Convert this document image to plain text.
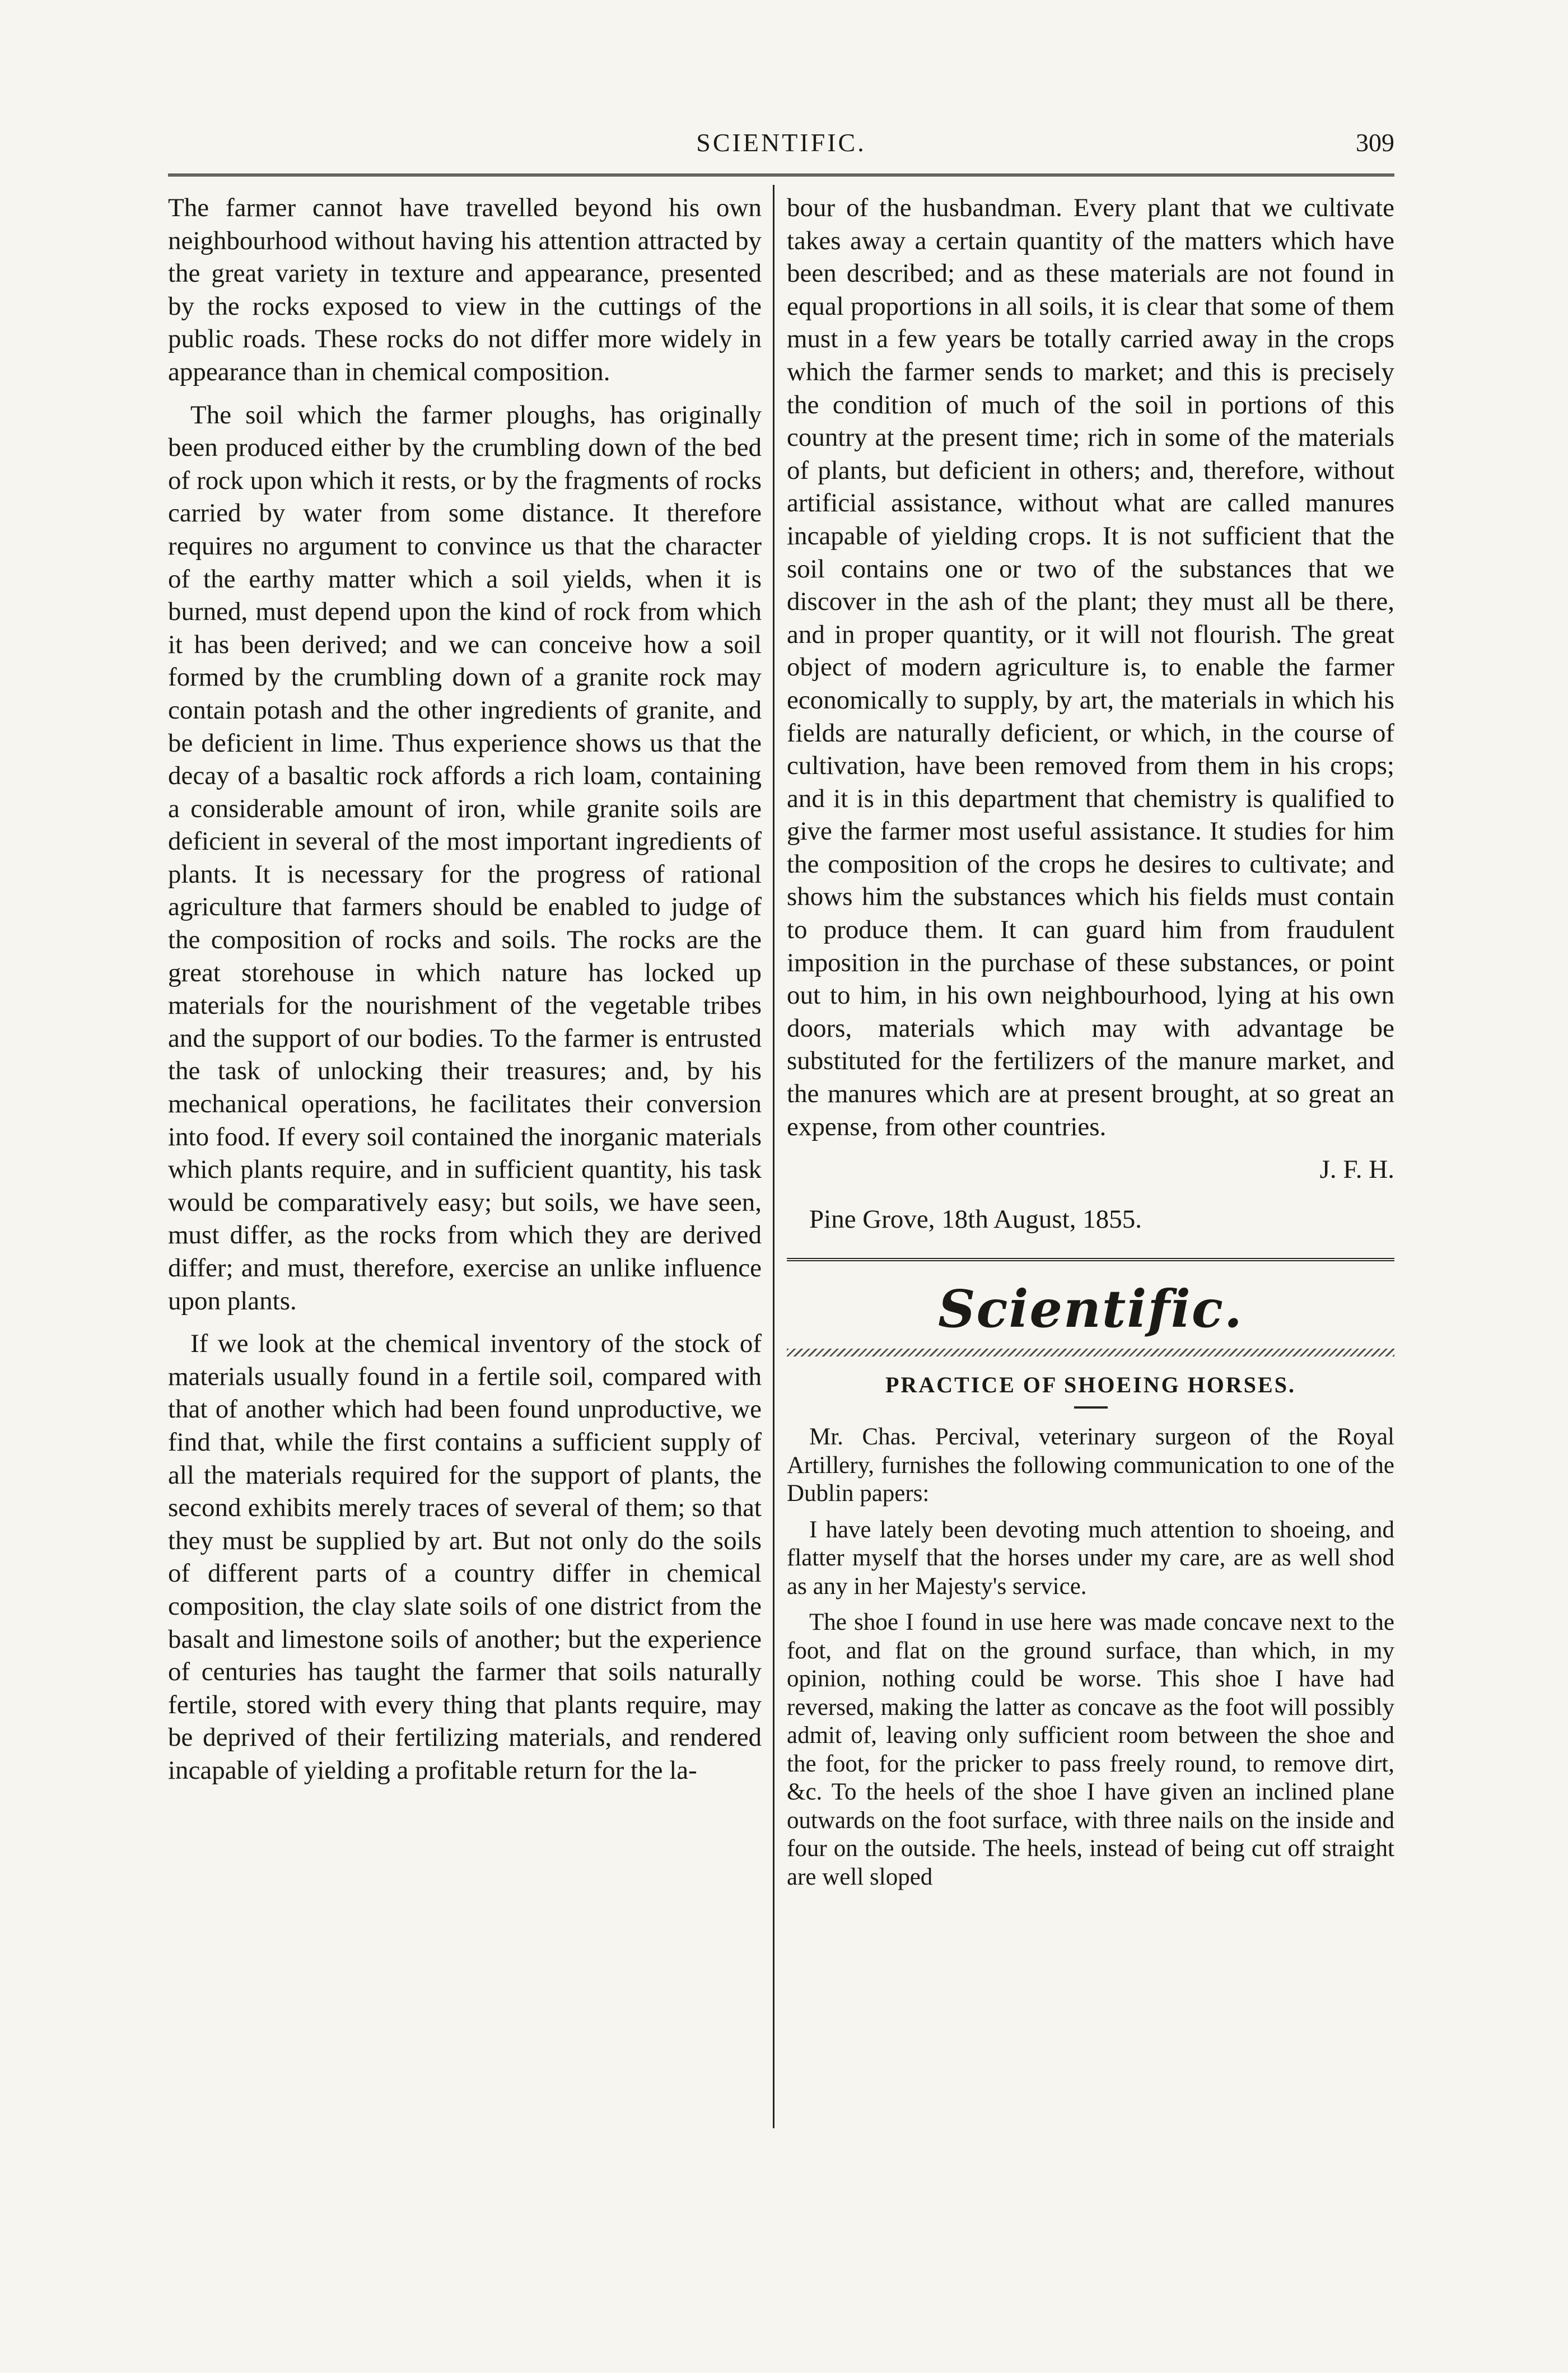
SCIENTIFIC.	309

The farmer cannot have travelled beyond his own neighbourhood without having his attention attracted by the great variety in texture and appearance, presented by the rocks exposed to view in the cuttings of the public roads. These rocks do not differ more widely in appearance than in chemical composition.

The soil which the farmer ploughs, has originally been produced either by the crumbling down of the bed of rock upon which it rests, or by the fragments of rocks carried by water from some distance. It therefore requires no argument to convince us that the character of the earthy matter which a soil yields, when it is burned, must depend upon the kind of rock from which it has been derived; and we can conceive how a soil formed by the crumbling down of a granite rock may contain potash and the other ingredients of granite, and be deficient in lime. Thus experience shows us that the decay of a basaltic rock affords a rich loam, containing a considerable amount of iron, while granite soils are deficient in several of the most important ingredients of plants. It is necessary for the progress of rational agriculture that farmers should be enabled to judge of the composition of rocks and soils. The rocks are the great storehouse in which nature has locked up materials for the nourishment of the vegetable tribes and the support of our bodies. To the farmer is entrusted the task of unlocking their treasures; and, by his mechanical operations, he facilitates their conversion into food. If every soil contained the inorganic materials which plants require, and in sufficient quantity, his task would be comparatively easy; but soils, we have seen, must differ, as the rocks from which they are derived differ; and must, therefore, exercise an unlike influence upon plants.

If we look at the chemical inventory of the stock of materials usually found in a fertile soil, compared with that of another which had been found unproductive, we find that, while the first contains a sufficient supply of all the materials required for the support of plants, the second exhibits merely traces of several of them; so that they must be supplied by art. But not only do the soils of different parts of a country differ in chemical composition, the clay slate soils of one district from the basalt and limestone soils of another; but the experience of centuries has taught the farmer that soils naturally fertile, stored with every thing that plants require, may be deprived of their fertilizing materials, and rendered incapable of yielding a profitable return for the la-

bour of the husbandman. Every plant that we cultivate takes away a certain quantity of the matters which have been described; and as these materials are not found in equal proportions in all soils, it is clear that some of them must in a few years be totally carried away in the crops which the farmer sends to market; and this is precisely the condition of much of the soil in portions of this country at the present time; rich in some of the materials of plants, but deficient in others; and, therefore, without artificial assistance, without what are called manures incapable of yielding crops. It is not sufficient that the soil contains one or two of the substances that we discover in the ash of the plant; they must all be there, and in proper quantity, or it will not flourish. The great object of modern agriculture is, to enable the farmer economically to supply, by art, the materials in which his fields are naturally deficient, or which, in the course of cultivation, have been removed from them in his crops; and it is in this department that chemistry is qualified to give the farmer most useful assistance. It studies for him the composition of the crops he desires to cultivate; and shows him the substances which his fields must contain to produce them. It can guard him from fraudulent imposition in the purchase of these substances, or point out to him, in his own neighbourhood, lying at his own doors, materials which may with advantage be substituted for the fertilizers of the manure market, and the manures which are at present brought, at so great an expense, from other countries.

J. F. H.

Pine Grove, 18th August, 1855.

Scientific.
PRACTICE OF SHOEING HORSES.

Mr. Chas. Percival, veterinary surgeon of the Royal Artillery, furnishes the following communication to one of the Dublin papers:

I have lately been devoting much attention to shoeing, and flatter myself that the horses under my care, are as well shod as any in her Majesty's service.

The shoe I found in use here was made concave next to the foot, and flat on the ground surface, than which, in my opinion, nothing could be worse. This shoe I have had reversed, making the latter as concave as the foot will possibly admit of, leaving only sufficient room between the shoe and the foot, for the pricker to pass freely round, to remove dirt, &c. To the heels of the shoe I have given an inclined plane outwards on the foot surface, with three nails on the inside and four on the outside. The heels, instead of being cut off straight are well sloped
